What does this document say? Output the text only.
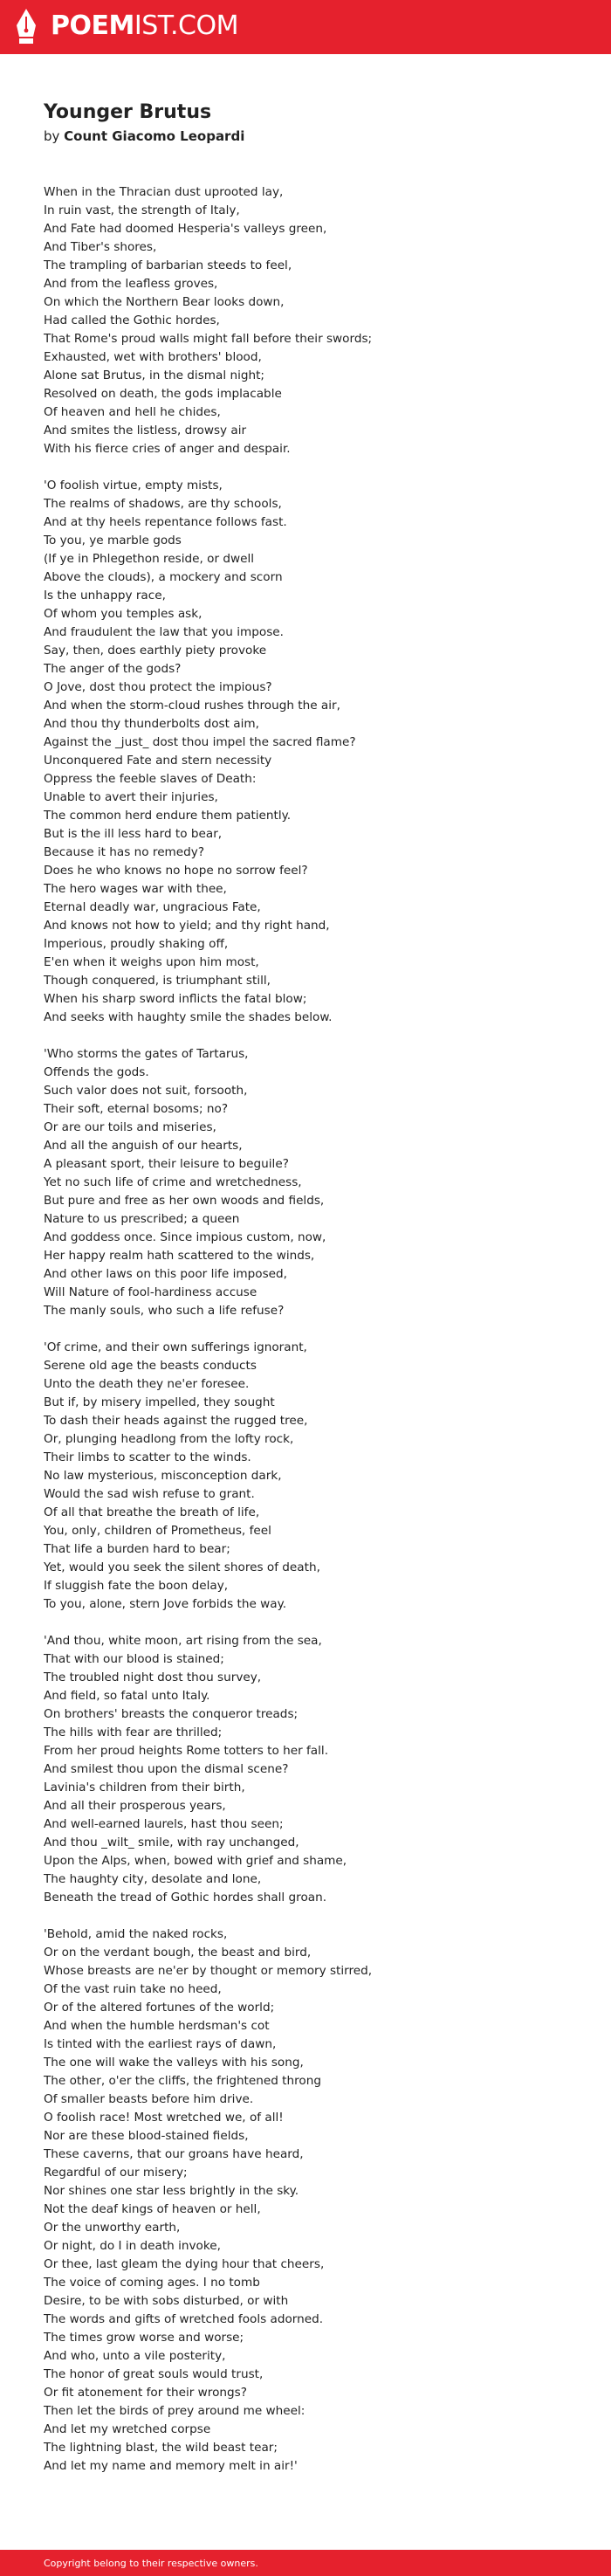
POEMIST.COM
Younger Brutus
by Count Giacomo Leopardi
When in the Thracian dust uprooted lay,
In ruin vast, the strength of Italy,
And Fate had doomed Hesperia's valleys green,
And Tiber's shores,
The trampling of barbarian steeds to feel,
And from the leafless groves,
On which the Northern Bear looks down,
Had called the Gothic hordes,
That Rome's proud walls might fall before their swords;
Exhausted, wet with brothers' blood,
Alone sat Brutus, in the dismal night;
Resolved on death, the gods implacable
Of heaven and hell he chides,
And smites the listless, drowsy air
With his fierce cries of anger and despair.
'O foolish virtue, empty mists,
The realms of shadows, are thy schools,
And at thy heels repentance follows fast.
To you, ye marble gods
(If ye in Phlegethon reside, or dwell
Above the clouds), a mockery and scorn
Is the unhappy race,
Of whom you temples ask,
And fraudulent the law that you impose.
Say, then, does earthly piety provoke
The anger of the gods?
O Jove, dost thou protect the impious?
And when the storm-cloud rushes through the air,
And thou thy thunderbolts dost aim,
Against the _just_ dost thou impel the sacred flame?
Unconquered Fate and stern necessity
Oppress the feeble slaves of Death:
Unable to avert their injuries,
The common herd endure them patiently.
But is the ill less hard to bear,
Because it has no remedy?
Does he who knows no hope no sorrow feel?
The hero wages war with thee,
Eternal deadly war, ungracious Fate,
And knows not how to yield; and thy right hand,
Imperious, proudly shaking off,
E'en when it weighs upon him most,
Though conquered, is triumphant still,
When his sharp sword inflicts the fatal blow;
And seeks with haughty smile the shades below.
'Who storms the gates of Tartarus,
Offends the gods.
Such valor does not suit, forsooth,
Their soft, eternal bosoms; no?
Or are our toils and miseries,
And all the anguish of our hearts,
A pleasant sport, their leisure to beguile?
Yet no such life of crime and wretchedness,
But pure and free as her own woods and fields,
Nature to us prescribed; a queen
And goddess once. Since impious custom, now,
Her happy realm hath scattered to the winds,
And other laws on this poor life imposed,
Will Nature of fool-hardiness accuse
The manly souls, who such a life refuse?
'Of crime, and their own sufferings ignorant,
Serene old age the beasts conducts
Unto the death they ne'er foresee.
But if, by misery impelled, they sought
To dash their heads against the rugged tree,
Or, plunging headlong from the lofty rock,
Their limbs to scatter to the winds.
No law mysterious, misconception dark,
Would the sad wish refuse to grant.
Of all that breathe the breath of life,
You, only, children of Prometheus, feel
That life a burden hard to bear;
Yet, would you seek the silent shores of death,
If sluggish fate the boon delay,
To you, alone, stern Jove forbids the way.
'And thou, white moon, art rising from the sea,
That with our blood is stained;
The troubled night dost thou survey,
And field, so fatal unto Italy.
On brothers' breasts the conqueror treads;
The hills with fear are thrilled;
From her proud heights Rome totters to her fall.
And smilest thou upon the dismal scene?
Lavinia's children from their birth,
And all their prosperous years,
And well-earned laurels, hast thou seen;
And thou _wilt_ smile, with ray unchanged,
Upon the Alps, when, bowed with grief and shame,
The haughty city, desolate and lone,
Beneath the tread of Gothic hordes shall groan.
'Behold, amid the naked rocks,
Or on the verdant bough, the beast and bird,
Whose breasts are ne'er by thought or memory stirred,
Of the vast ruin take no heed,
Or of the altered fortunes of the world;
And when the humble herdsman's cot
Is tinted with the earliest rays of dawn,
The one will wake the valleys with his song,
The other, o'er the cliffs, the frightened throng
Of smaller beasts before him drive.
O foolish race! Most wretched we, of all!
Nor are these blood-stained fields,
These caverns, that our groans have heard,
Regardful of our misery;
Nor shines one star less brightly in the sky.
Not the deaf kings of heaven or hell,
Or the unworthy earth,
Or night, do I in death invoke,
Or thee, last gleam the dying hour that cheers,
The voice of coming ages. I no tomb
Desire, to be with sobs disturbed, or with
The words and gifts of wretched fools adorned.
The times grow worse and worse;
And who, unto a vile posterity,
The honor of great souls would trust,
Or fit atonement for their wrongs?
Then let the birds of prey around me wheel:
And let my wretched corpse
The lightning blast, the wild beast tear;
And let my name and memory melt in air!'
Copyright belong to their respective owners.
